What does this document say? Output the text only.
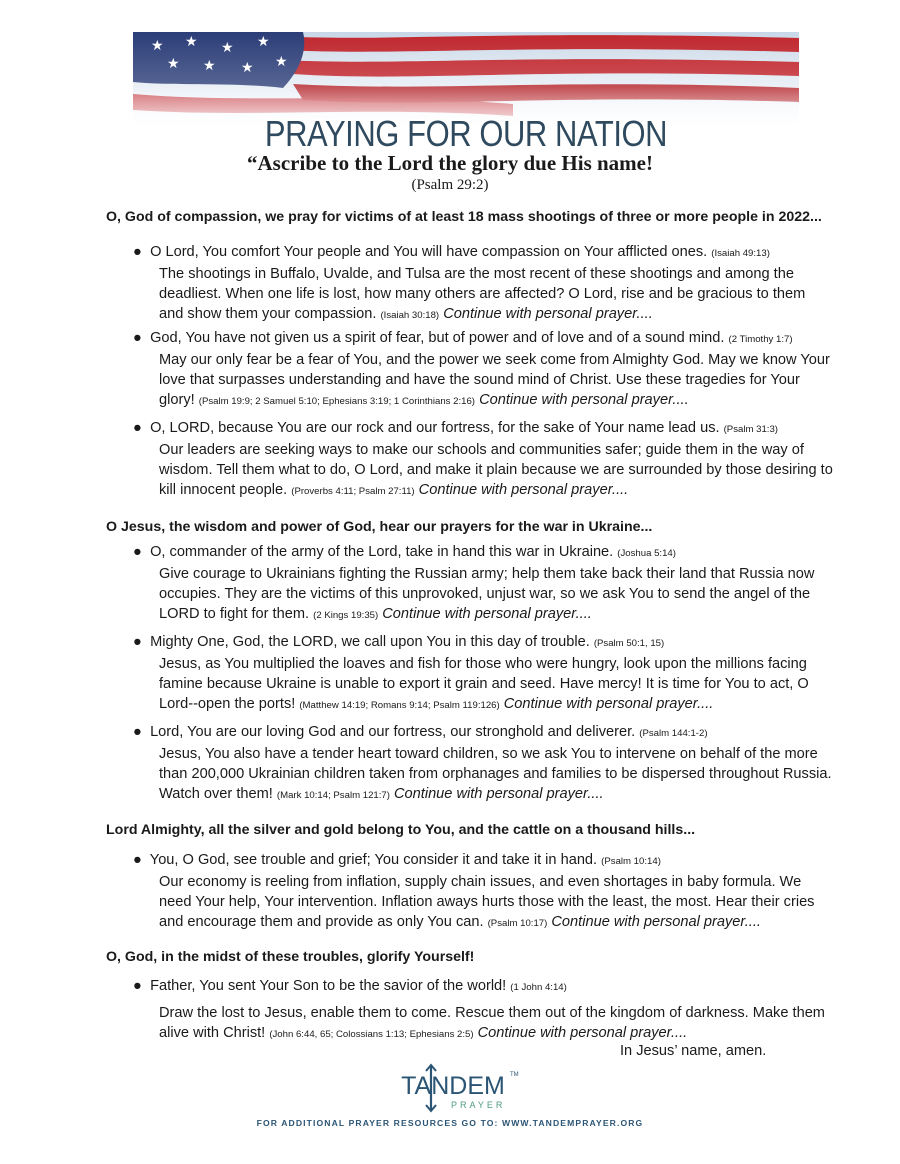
PRAYING FOR OUR NATION
“Ascribe to the Lord the glory due His name!
(Psalm 29:2)
O, God of compassion, we pray for victims of at least 18 mass shootings of three or more people in 2022...
● O Lord, You comfort Your people and You will have compassion on Your afflicted ones. (Isaiah 49:13)
The shootings in Buffalo, Uvalde, and Tulsa are the most recent of these shootings and among the deadliest. When one life is lost, how many others are affected? O Lord, rise and be gracious to them and show them your compassion. (Isaiah 30:18) Continue with personal prayer....
● God, You have not given us a spirit of fear, but of power and of love and of a sound mind. (2 Timothy 1:7)
May our only fear be a fear of You, and the power we seek come from Almighty God. May we know Your love that surpasses understanding and have the sound mind of Christ. Use these tragedies for Your glory! (Psalm 19:9; 2 Samuel 5:10; Ephesians 3:19; 1 Corinthians 2:16) Continue with personal prayer....
● O, LORD, because You are our rock and our fortress, for the sake of Your name lead us. (Psalm 31:3)
Our leaders are seeking ways to make our schools and communities safer; guide them in the way of wisdom. Tell them what to do, O Lord, and make it plain because we are surrounded by those desiring to kill innocent people. (Proverbs 4:11; Psalm 27:11) Continue with personal prayer....
O Jesus, the wisdom and power of God, hear our prayers for the war in Ukraine...
● O, commander of the army of the Lord, take in hand this war in Ukraine. (Joshua 5:14)
Give courage to Ukrainians fighting the Russian army; help them take back their land that Russia now occupies. They are the victims of this unprovoked, unjust war, so we ask You to send the angel of the LORD to fight for them. (2 Kings 19:35) Continue with personal prayer....
● Mighty One, God, the LORD, we call upon You in this day of trouble. (Psalm 50:1, 15)
Jesus, as You multiplied the loaves and fish for those who were hungry, look upon the millions facing famine because Ukraine is unable to export it grain and seed. Have mercy! It is time for You to act, O Lord--open the ports! (Matthew 14:19; Romans 9:14; Psalm 119:126) Continue with personal prayer....
● Lord, You are our loving God and our fortress, our stronghold and deliverer. (Psalm 144:1-2)
Jesus, You also have a tender heart toward children, so we ask You to intervene on behalf of the more than 200,000 Ukrainian children taken from orphanages and families to be dispersed throughout Russia. Watch over them! (Mark 10:14; Psalm 121:7) Continue with personal prayer....
Lord Almighty, all the silver and gold belong to You, and the cattle on a thousand hills...
● You, O God, see trouble and grief; You consider it and take it in hand. (Psalm 10:14)
Our economy is reeling from inflation, supply chain issues, and even shortages in baby formula. We need Your help, Your intervention. Inflation aways hurts those with the least, the most. Hear their cries and encourage them and provide as only You can. (Psalm 10:17) Continue with personal prayer....
O, God, in the midst of these troubles, glorify Yourself!
● Father, You sent Your Son to be the savior of the world! (1 John 4:14)
Draw the lost to Jesus, enable them to come. Rescue them out of the kingdom of darkness. Make them alive with Christ! (John 6:44, 65; Colossians 1:13; Ephesians 2:5) Continue with personal prayer....
In Jesus’ name, amen.
TANDEM TM
PRAYER
FOR ADDITIONAL PRAYER RESOURCES GO TO: WWW.TANDEMPRAYER.ORG
